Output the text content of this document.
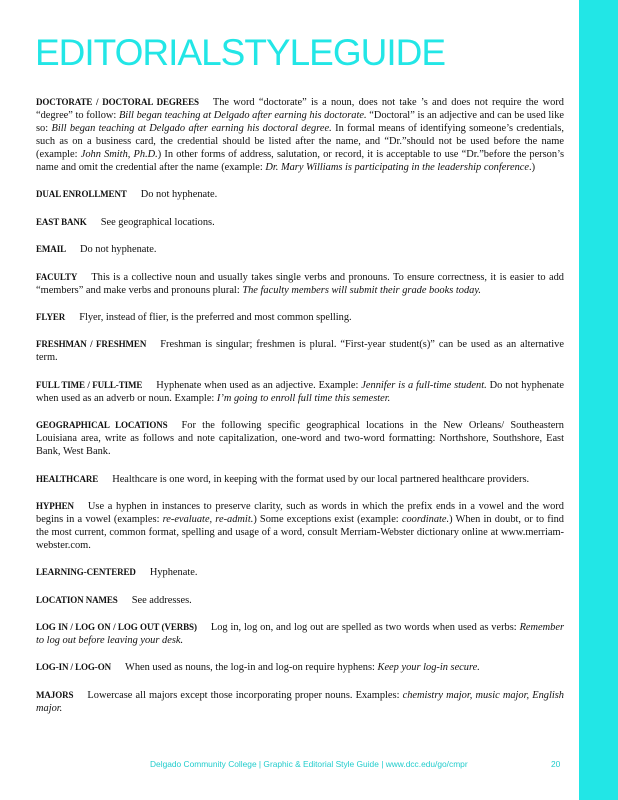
EDITORIALSTYLEGUIDE

DOCTORATE / DOCTORAL DEGREES The word “doctorate” is a noun, does not take ’s and does not require the word “degree” to follow: Bill began teaching at Delgado after earning his doctorate. “Doctoral” is an adjective and can be used like so: Bill began teaching at Delgado after earning his doctoral degree. In formal means of identifying someone’s credentials, such as on a business card, the credential should be listed after the name, and “Dr.”should not be used before the name (example: John Smith, Ph.D.) In other forms of address, salutation, or record, it is acceptable to use “Dr.”before the person’s name and omit the credential after the name (example: Dr. Mary Williams is participating in the leadership conference.)

DUAL ENROLLMENT Do not hyphenate.

EAST BANK See geographical locations.

EMAIL Do not hyphenate.

FACULTY This is a collective noun and usually takes single verbs and pronouns. To ensure correctness, it is easier to add “members” and make verbs and pronouns plural: The faculty members will submit their grade books today.

FLYER Flyer, instead of flier, is the preferred and most common spelling.

FRESHMAN / FRESHMEN Freshman is singular; freshmen is plural. “First-year student(s)” can be used as an alternative term.

FULL TIME / FULL-TIME Hyphenate when used as an adjective. Example: Jennifer is a full-time student. Do not hyphenate when used as an adverb or noun. Example: I’m going to enroll full time this semester.

GEOGRAPHICAL LOCATIONS For the following specific geographical locations in the New Orleans/ Southeastern Louisiana area, write as follows and note capitalization, one-word and two-word formatting: Northshore, Southshore, East Bank, West Bank.

HEALTHCARE Healthcare is one word, in keeping with the format used by our local partnered healthcare providers.

HYPHEN Use a hyphen in instances to preserve clarity, such as words in which the prefix ends in a vowel and the word begins in a vowel (examples: re-evaluate, re-admit.) Some exceptions exist (example: coordinate.) When in doubt, or to find the most current, common format, spelling and usage of a word, consult Merriam-Webster dictionary online at www.merriam-webster.com.

LEARNING-CENTERED Hyphenate.

LOCATION NAMES See addresses.

LOG IN / LOG ON / LOG OUT (VERBS) Log in, log on, and log out are spelled as two words when used as verbs: Remember to log out before leaving your desk.

LOG-IN / LOG-ON When used as nouns, the log-in and log-on require hyphens: Keep your log-in secure.

MAJORS Lowercase all majors except those incorporating proper nouns. Examples: chemistry major, music major, English major.

Delgado Community College | Graphic & Editorial Style Guide | www.dcc.edu/go/cmpr	20
